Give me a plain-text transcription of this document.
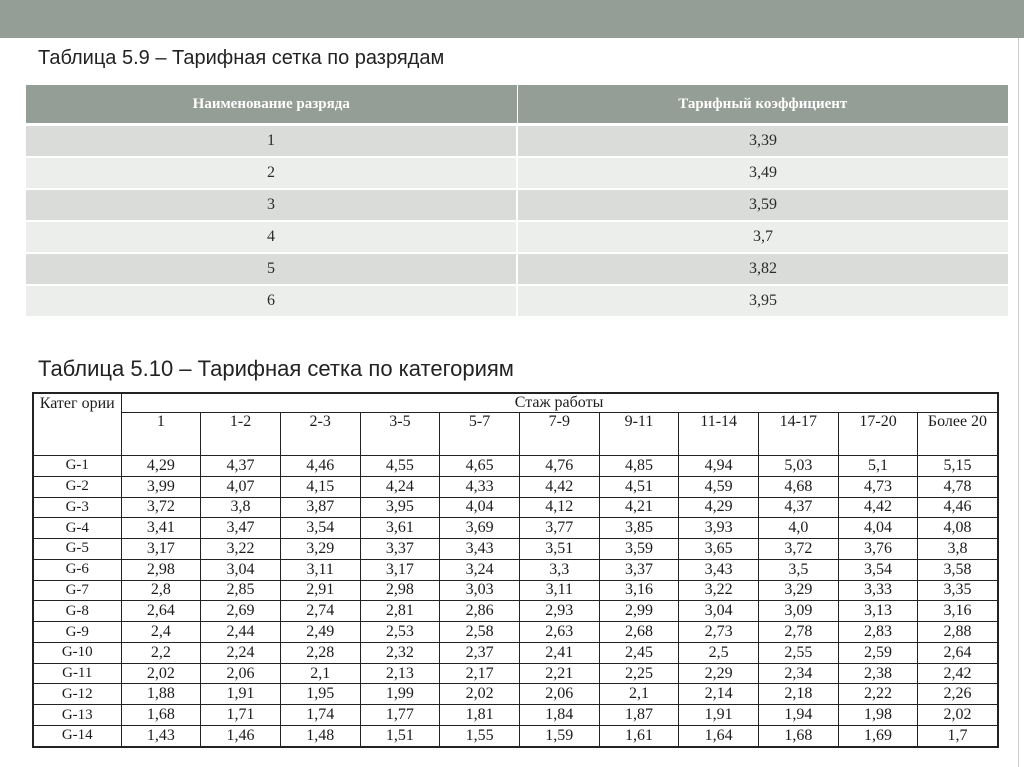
Таблица 5.9 – Тарифная сетка по разрядам
Наименование разряда	Тарифный коэффициент
1	3,39
2	3,49
3	3,59
4	3,7
5	3,82
6	3,95
Таблица 5.10 – Тарифная сетка по категориям
Катег ории	Стаж работы										
	1	1-2	2-3	3-5	5-7	7-9	9-11	11-14	14-17	17-20	Более 20
G-1	4,29	4,37	4,46	4,55	4,65	4,76	4,85	4,94	5,03	5,1	5,15
G-2	3,99	4,07	4,15	4,24	4,33	4,42	4,51	4,59	4,68	4,73	4,78
G-3	3,72	3,8	3,87	3,95	4,04	4,12	4,21	4,29	4,37	4,42	4,46
G-4	3,41	3,47	3,54	3,61	3,69	3,77	3,85	3,93	4,0	4,04	4,08
G-5	3,17	3,22	3,29	3,37	3,43	3,51	3,59	3,65	3,72	3,76	3,8
G-6	2,98	3,04	3,11	3,17	3,24	3,3	3,37	3,43	3,5	3,54	3,58
G-7	2,8	2,85	2,91	2,98	3,03	3,11	3,16	3,22	3,29	3,33	3,35
G-8	2,64	2,69	2,74	2,81	2,86	2,93	2,99	3,04	3,09	3,13	3,16
G-9	2,4	2,44	2,49	2,53	2,58	2,63	2,68	2,73	2,78	2,83	2,88
G-10	2,2	2,24	2,28	2,32	2,37	2,41	2,45	2,5	2,55	2,59	2,64
G-11	2,02	2,06	2,1	2,13	2,17	2,21	2,25	2,29	2,34	2,38	2,42
G-12	1,88	1,91	1,95	1,99	2,02	2,06	2,1	2,14	2,18	2,22	2,26
G-13	1,68	1,71	1,74	1,77	1,81	1,84	1,87	1,91	1,94	1,98	2,02
G-14	1,43	1,46	1,48	1,51	1,55	1,59	1,61	1,64	1,68	1,69	1,7
